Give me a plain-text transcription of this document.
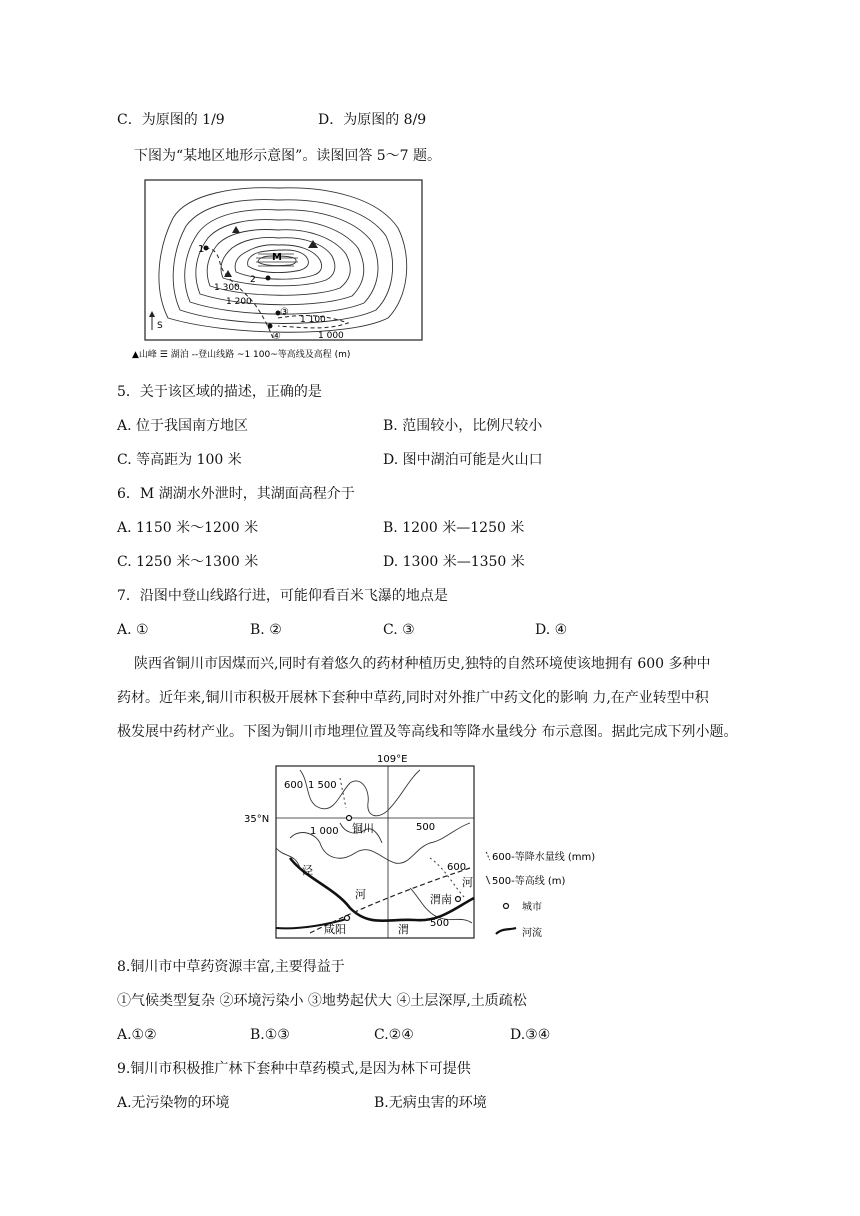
C．为原图的 1/9	D．为原图的 8/9
下图为“某地区地形示意图”。读图回答 5～7 题。
M
1
2
③
④
1 300
1 200
1 100
1 000
S
▲山峰 ☰ 湖泊 --登山线路 ~1 100~等高线及高程 (m)
5．关于该区域的描述，正确的是
A. 位于我国南方地区	B. 范围较小，比例尺较小
C. 等高距为 100 米	D. 图中湖泊可能是火山口
6．M 湖湖水外泄时，其湖面高程介于
A. 1150 米～1200 米	B. 1200 米—1250 米
C. 1250 米～1300 米	D. 1300 米—1350 米
7．沿图中登山线路行进，可能仰看百米飞瀑的地点是
A. ①	B. ②	C. ③	D. ④
陕西省铜川市因煤而兴,同时有着悠久的药材种植历史,独特的自然环境使该地拥有 600 多种中
药材。近年来,铜川市积极开展林下套种中草药,同时对外推广中药文化的影响 力,在产业转型中积
极发展中药材产业。下图为铜川市地理位置及等高线和等降水量线分 布示意图。据此完成下列小题。
109°E
35°N
600 1 500
1 000	500
600
500
铜川
泾
河
河
渭南
咸阳	渭
600-等降水量线 (mm)
500-等高线 (m)
城市
河流
8.铜川市中草药资源丰富,主要得益于
①气候类型复杂 ②环境污染小 ③地势起伏大 ④土层深厚,土质疏松
A.①②	B.①③	C.②④	D.③④
9.铜川市积极推广林下套种中草药模式,是因为林下可提供
A.无污染物的环境	B.无病虫害的环境
